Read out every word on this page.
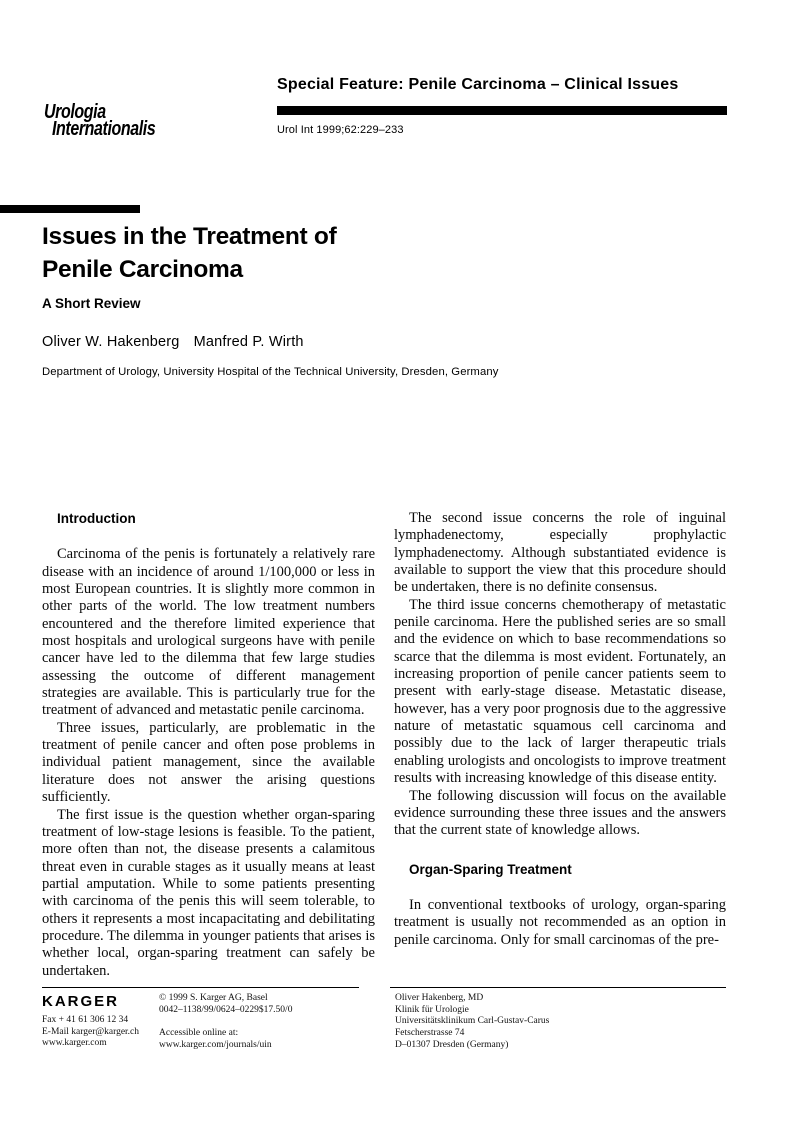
Urologia
Internationalis
Special Feature: Penile Carcinoma – Clinical Issues
Urol Int 1999;62:229–233
Issues in the Treatment of
Penile Carcinoma
A Short Review
Oliver W. Hakenberg Manfred P. Wirth
Department of Urology, University Hospital of the Technical University, Dresden, Germany
Introduction

Carcinoma of the penis is fortunately a relatively rare disease with an incidence of around 1/100,000 or less in most European countries. It is slightly more common in other parts of the world. The low treatment numbers encountered and the therefore limited experience that most hospitals and urological surgeons have with penile cancer have led to the dilemma that few large studies assessing the outcome of different management strategies are available. This is particularly true for the treatment of advanced and metastatic penile carcinoma.

Three issues, particularly, are problematic in the treatment of penile cancer and often pose problems in individual patient management, since the available literature does not answer the arising questions sufficiently.

The first issue is the question whether organ-sparing treatment of low-stage lesions is feasible. To the patient, more often than not, the disease presents a calamitous threat even in curable stages as it usually means at least partial amputation. While to some patients presenting with carcinoma of the penis this will seem tolerable, to others it represents a most incapacitating and debilitating procedure. The dilemma in younger patients that arises is whether local, organ-sparing treatment can safely be undertaken.

The second issue concerns the role of inguinal lymphadenectomy, especially prophylactic lymphadenectomy. Although substantiated evidence is available to support the view that this procedure should be undertaken, there is no definite consensus.

The third issue concerns chemotherapy of metastatic penile carcinoma. Here the published series are so small and the evidence on which to base recommendations so scarce that the dilemma is most evident. Fortunately, an increasing proportion of penile cancer patients seem to present with early-stage disease. Metastatic disease, however, has a very poor prognosis due to the aggressive nature of metastatic squamous cell carcinoma and possibly due to the lack of larger therapeutic trials enabling urologists and oncologists to improve treatment results with increasing knowledge of this disease entity.

The following discussion will focus on the available evidence surrounding these three issues and the answers that the current state of knowledge allows.

Organ-Sparing Treatment

In conventional textbooks of urology, organ-sparing treatment is usually not recommended as an option in penile carcinoma. Only for small carcinomas of the pre-

KARGER
Fax + 41 61 306 12 34
E-Mail karger@karger.ch
www.karger.com
© 1999 S. Karger AG, Basel
0042–1138/99/0624–0229$17.50/0
Accessible online at:
www.karger.com/journals/uin
Oliver Hakenberg, MD
Klinik für Urologie
Universitätsklinikum Carl-Gustav-Carus
Fetscherstrasse 74
D–01307 Dresden (Germany)
